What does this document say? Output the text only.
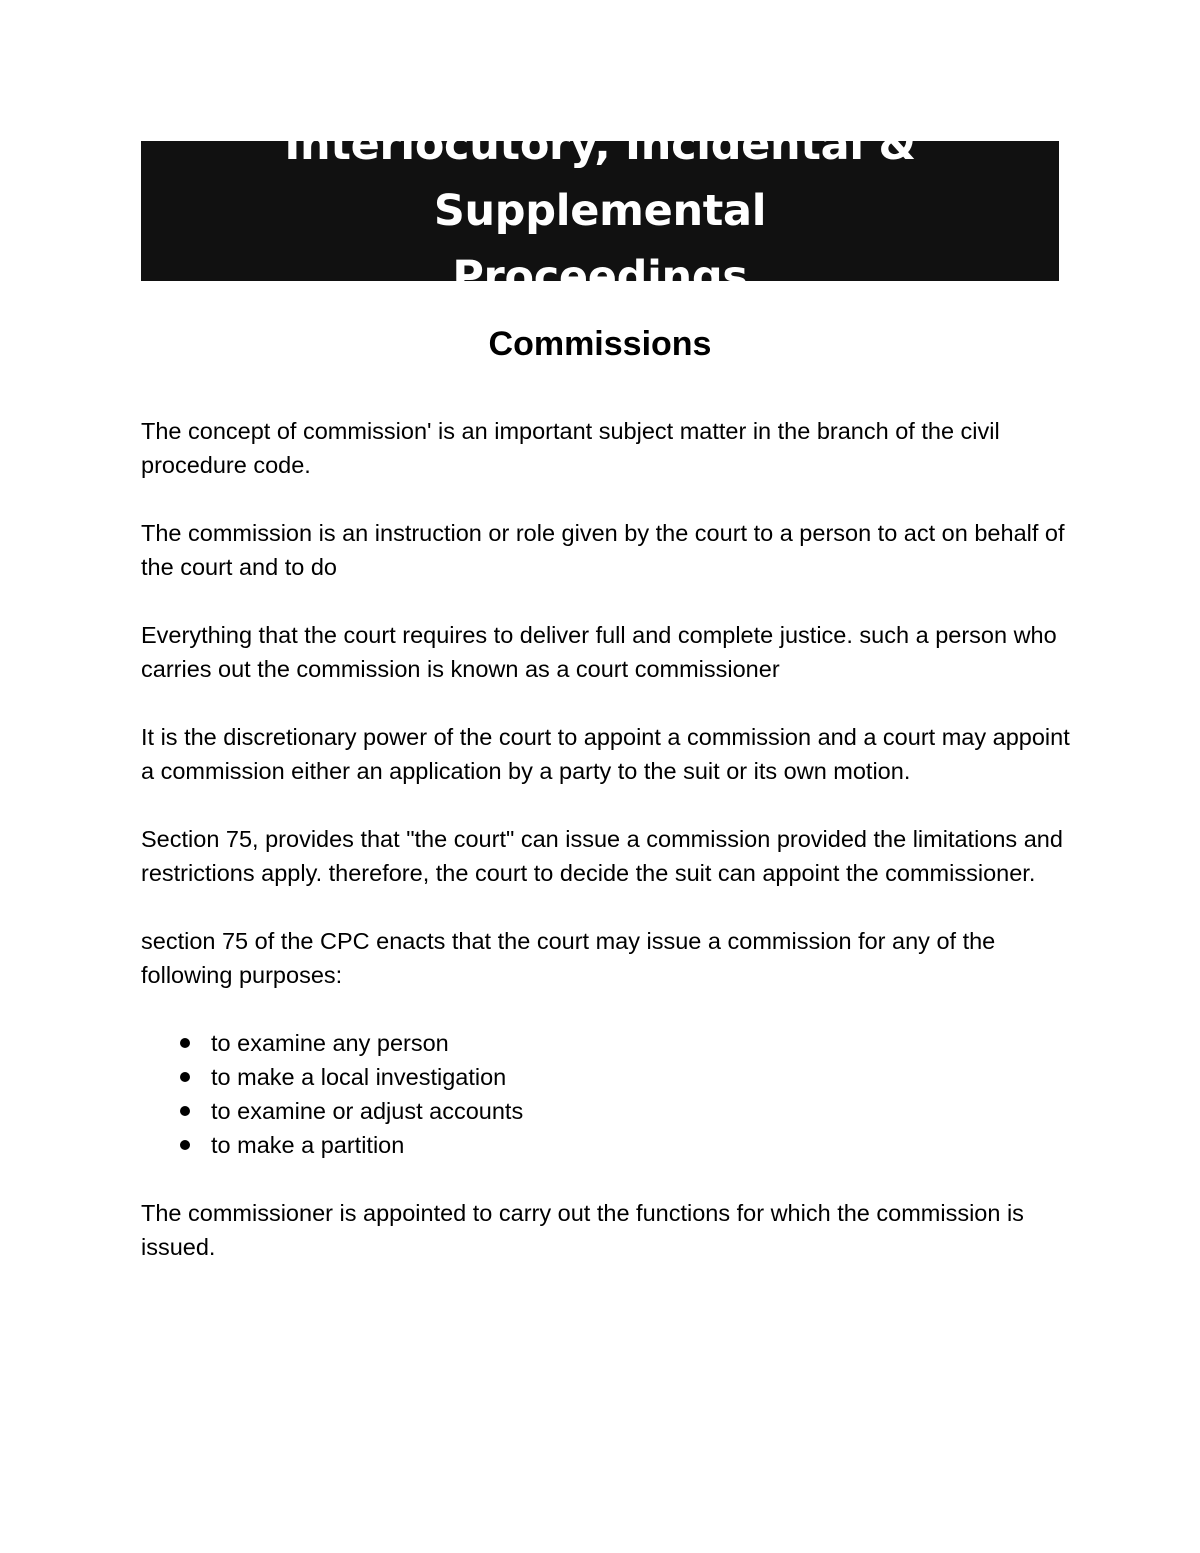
Interlocutory, Incidental & Supplemental
Proceedings
Commissions

The concept of commission' is an important subject matter in the branch of the civil procedure code.

The commission is an instruction or role given by the court to a person to act on behalf of the court and to do

Everything that the court requires to deliver full and complete justice. such a person who carries out the commission is known as a court commissioner

It is the discretionary power of the court to appoint a commission and a court may appoint a commission either an application by a party to the suit or its own motion.

Section 75, provides that "the court" can issue a commission provided the limitations and restrictions apply. therefore, the court to decide the suit can appoint the commissioner.

section 75 of the CPC enacts that the court may issue a commission for any of the following purposes:

to examine any person
to make a local investigation
to examine or adjust accounts
to make a partition

The commissioner is appointed to carry out the functions for which the commission is issued.
